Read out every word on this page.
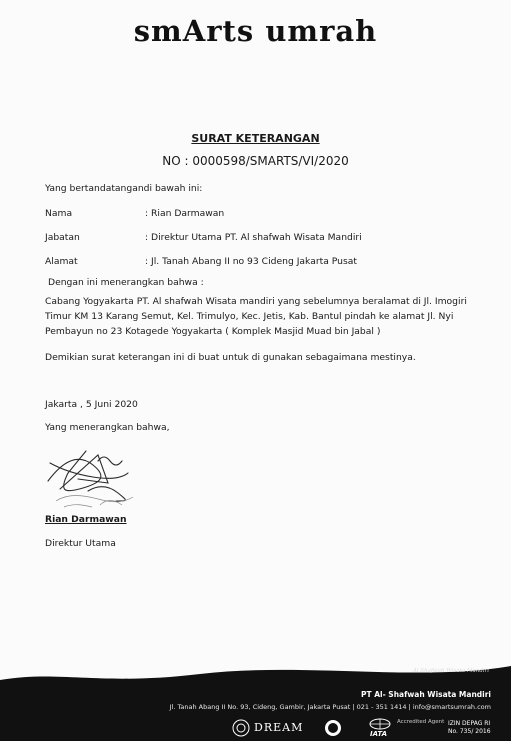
smArts umrah
SURAT KETERANGAN
NO : 0000598/SMARTS/VI/2020
Yang bertandatangandi bawah ini:
Nama	: Rian Darmawan
Jabatan	: Direktur Utama PT. Al shafwah Wisata Mandiri
Alamat	: Jl. Tanah Abang II no 93 Cideng Jakarta Pusat
Dengan ini menerangkan bahwa :
Cabang Yogyakarta PT. Al shafwah Wisata mandiri yang sebelumnya beralamat di Jl. Imogiri Timur KM 13 Karang Semut, Kel. Trimulyo, Kec. Jetis, Kab. Bantul pindah ke alamat Jl. Nyi Pembayun no 23 Kotagede Yogyakarta ( Komplek Masjid Muad bin Jabal )
Demikian surat keterangan ini di buat untuk di gunakan sebagaimana mestinya.
Jakarta , 5 Juni 2020
Yang menerangkan bahwa,
Rian Darmawan
Direktur Utama
Al Shafwah Wisata Mandiri
PT Al- Shafwah Wisata Mandiri
Jl. Tanah Abang II No. 93, Cideng, Gambir, Jakarta Pusat | 021 - 351 1414 | info@smartsumrah.com
DREAM	IATA
Accredited Agent IZIN DEPAG RI
No. 735/ 2016
